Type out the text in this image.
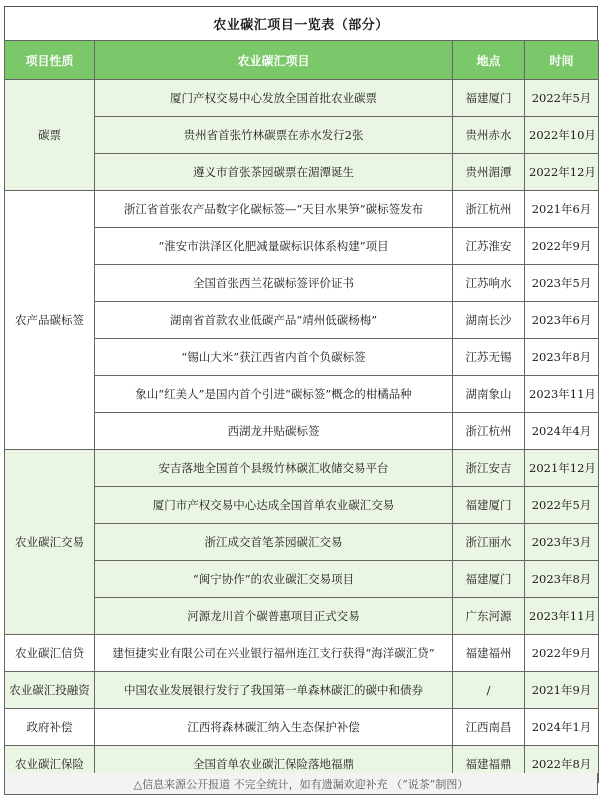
农业碳汇项目一览表（部分）
项目性质	农业碳汇项目	地点	时间
碳票	厦门产权交易中心发放全国首批农业碳票	福建厦门	2022年5月
	贵州省首张竹林碳票在赤水发行2张	贵州赤水	2022年10月
	遵义市首张茶园碳票在湄潭诞生	贵州湄潭	2022年12月
农产品碳标签	浙江省首张农产品数字化碳标签—“天目水果笋”碳标签发布	浙江杭州	2021年6月
	“淮安市洪泽区化肥减量碳标识体系构建”项目	江苏淮安	2022年9月
	全国首张西兰花碳标签评价证书	江苏响水	2023年5月
	湖南省首款农业低碳产品“靖州低碳杨梅”	湖南长沙	2023年6月
	“锡山大米”获江西省内首个负碳标签	江苏无锡	2023年8月
	象山“红美人”是国内首个引进“碳标签”概念的柑橘品种	湖南象山	2023年11月
	西湖龙井贴碳标签	浙江杭州	2024年4月
农业碳汇交易	安吉落地全国首个县级竹林碳汇收储交易平台	浙江安吉	2021年12月
	厦门市产权交易中心达成全国首单农业碳汇交易	福建厦门	2022年5月
	浙江成交首笔茶园碳汇交易	浙江丽水	2023年3月
	“闽宁协作”的农业碳汇交易项目	福建厦门	2023年8月
	河源龙川首个碳普惠项目正式交易	广东河源	2023年11月
农业碳汇信贷	建恒捷实业有限公司在兴业银行福州连江支行获得“海洋碳汇贷”	福建福州	2022年9月
农业碳汇投融资	中国农业发展银行发行了我国第一单森林碳汇的碳中和债券	/	2021年9月
政府补偿	江西将森林碳汇纳入生态保护补偿	江西南昌	2024年1月
农业碳汇保险	全国首单农业碳汇保险落地福鼎	福建福鼎	2022年8月
△信息来源公开报道 不完全统计，如有遗漏欢迎补充 （“说茶”制图）
